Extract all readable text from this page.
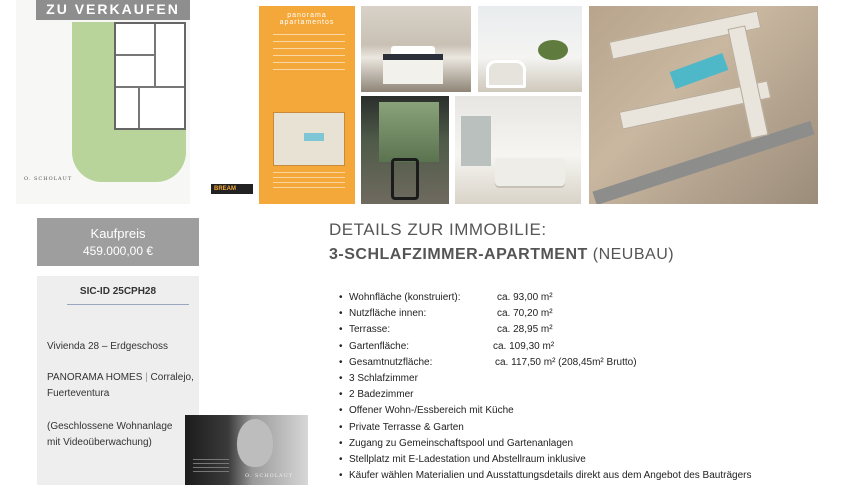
O. SCHOLAUT
ZU VERKAUFEN	panorama apartamentos
BREAM
Kaufpreis
459.000,00 €
SIC-ID 25CPH28
Vivienda 28 – Erdgeschoss
PANORAMA HOMES | Corralejo,
Fuerteventura
(Geschlossene Wohnanlage
mit Videoüberwachung)
O. SCHOLAUT
DETAILS ZUR IMMOBILIE:
3-SCHLAFZIMMER-APARTMENT (NEUBAU)
• Wohnfläche (konstruiert):	ca. 93,00 m²
• Nutzfläche innen:	ca. 70,20 m²
• Terrasse:	ca. 28,95 m²
• Gartenfläche:	ca. 109,30 m²
• Gesamtnutzfläche:	ca. 117,50 m² (208,45m² Brutto)
• 3 Schlafzimmer
• 2 Badezimmer
• Offener Wohn-/Essbereich mit Küche
• Private Terrasse & Garten
• Zugang zu Gemeinschaftspool und Gartenanlagen
• Stellplatz mit E-Ladestation und Abstellraum inklusive
• Käufer wählen Materialien und Ausstattungsdetails direkt aus dem Angebot des Bauträgers
